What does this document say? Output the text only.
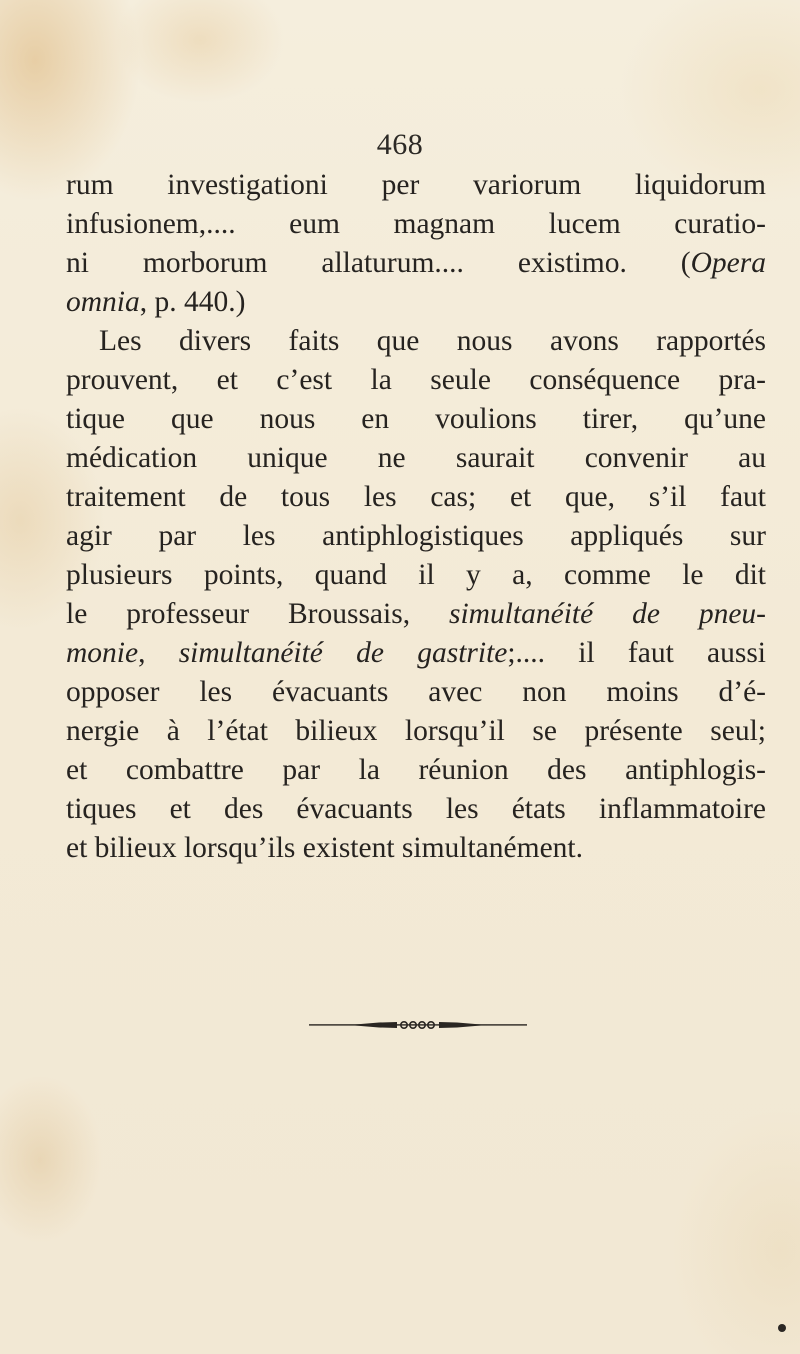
468
rum investigationi per variorum liquidorum
infusionem,.... eum magnam lucem curatio-
ni morborum allaturum.... existimo. (Opera
omnia, p. 440.)
Les divers faits que nous avons rapportés
prouvent, et c’est la seule conséquence pra-
tique que nous en voulions tirer, qu’une
médication unique ne saurait convenir au
traitement de tous les cas; et que, s’il faut
agir par les antiphlogistiques appliqués sur
plusieurs points, quand il y a, comme le dit
le professeur Broussais, simultanéité de pneu-
monie, simultanéité de gastrite;.... il faut aussi
opposer les évacuants avec non moins d’é-
nergie à l’état bilieux lorsqu’il se présente seul;
et combattre par la réunion des antiphlogis-
tiques et des évacuants les états inflammatoire
et bilieux lorsqu’ils existent simultanément.
